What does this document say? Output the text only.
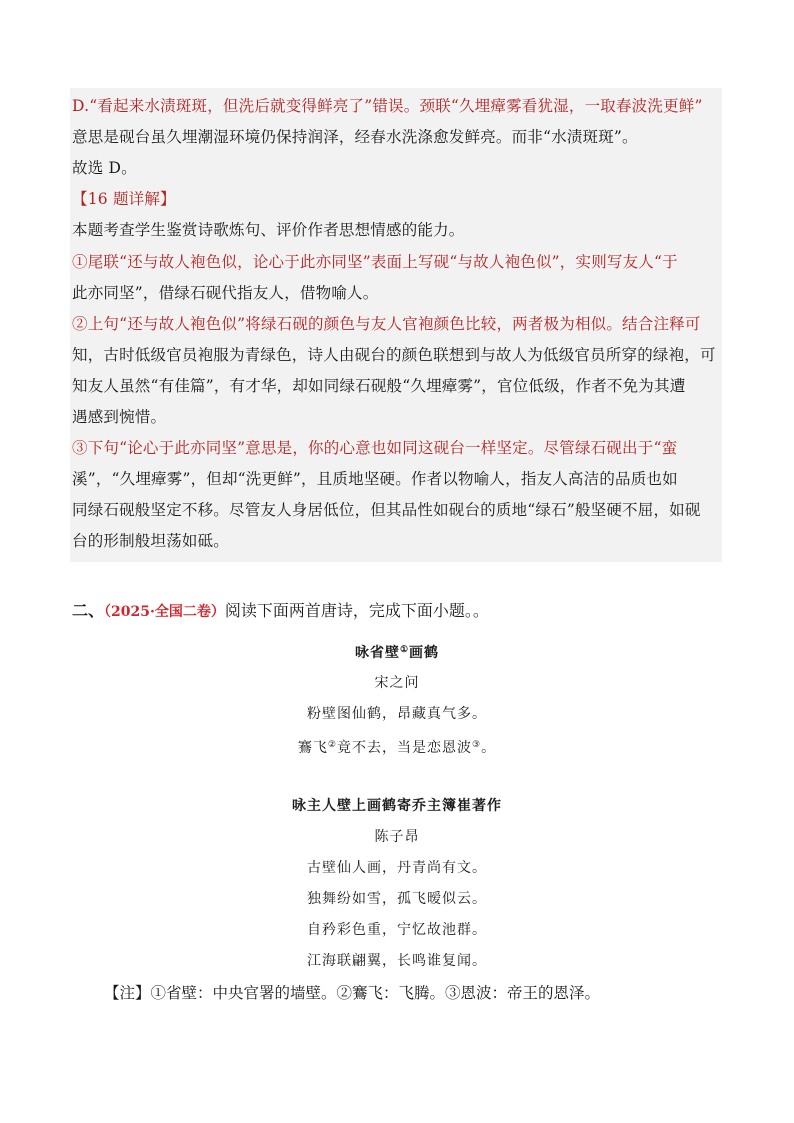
D.“看起来水渍斑斑，但洗后就变得鲜亮了”错误。颈联“久埋瘴雾看犹湿，一取春波洗更鲜”
意思是砚台虽久埋潮湿环境仍保持润泽，经春水洗涤愈发鲜亮。而非“水渍斑斑”。
故选 D。
【16 题详解】
本题考查学生鉴赏诗歌炼句、评价作者思想情感的能力。
①尾联“还与故人袍色似，论心于此亦同坚”表面上写砚“与故人袍色似”，实则写友人“于
此亦同坚”，借绿石砚代指友人，借物喻人。
②上句“还与故人袍色似”将绿石砚的颜色与友人官袍颜色比较，两者极为相似。结合注释可
知，古时低级官员袍服为青绿色，诗人由砚台的颜色联想到与故人为低级官员所穿的绿袍，可
知友人虽然“有佳篇”，有才华，却如同绿石砚般“久埋瘴雾”，官位低级，作者不免为其遭
遇感到惋惜。
③下句“论心于此亦同坚”意思是，你的心意也如同这砚台一样坚定。尽管绿石砚出于“蛮
溪”，“久埋瘴雾”，但却“洗更鲜”，且质地坚硬。作者以物喻人，指友人高洁的品质也如
同绿石砚般坚定不移。尽管友人身居低位，但其品性如砚台的质地“绿石”般坚硬不屈，如砚
台的形制般坦荡如砥。
二、（2025·全国二卷）阅读下面两首唐诗，完成下面小题。。
咏省壁①画鹤
宋之问
粉壁图仙鹤，昂藏真气多。
鶱飞②竟不去，当是恋恩波③。
咏主人壁上画鹤寄乔主簿崔著作
陈子昂
古壁仙人画，丹青尚有文。
独舞纷如雪，孤飞暧似云。
自矜彩色重，宁忆故池群。
江海联翩翼，长鸣谁复闻。
【注】①省壁：中央官署的墙壁。②鶱飞：飞腾。③恩波：帝王的恩泽。
